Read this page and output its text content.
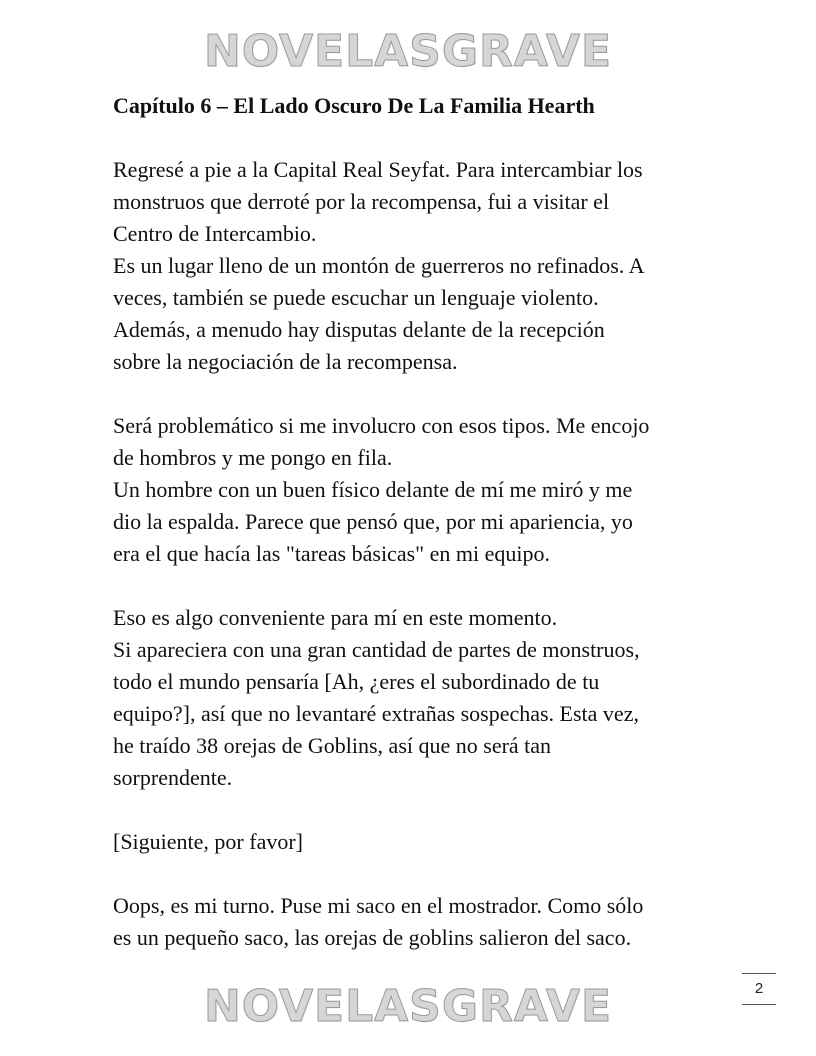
NOVELASGRAVE
Capítulo 6 – El Lado Oscuro De La Familia Hearth
Regresé a pie a la Capital Real Seyfat. Para intercambiar los
monstruos que derroté por la recompensa, fui a visitar el
Centro de Intercambio.
Es un lugar lleno de un montón de guerreros no refinados. A
veces, también se puede escuchar un lenguaje violento.
Además, a menudo hay disputas delante de la recepción
sobre la negociación de la recompensa.
Será problemático si me involucro con esos tipos. Me encojo
de hombros y me pongo en fila.
Un hombre con un buen físico delante de mí me miró y me
dio la espalda. Parece que pensó que, por mi apariencia, yo
era el que hacía las "tareas básicas" en mi equipo.
Eso es algo conveniente para mí en este momento.
Si apareciera con una gran cantidad de partes de monstruos,
todo el mundo pensaría [Ah, ¿eres el subordinado de tu
equipo?], así que no levantaré extrañas sospechas. Esta vez,
he traído 38 orejas de Goblins, así que no será tan
sorprendente.
[Siguiente, por favor]
Oops, es mi turno. Puse mi saco en el mostrador. Como sólo
es un pequeño saco, las orejas de goblins salieron del saco.
2
NOVELASGRAVE
